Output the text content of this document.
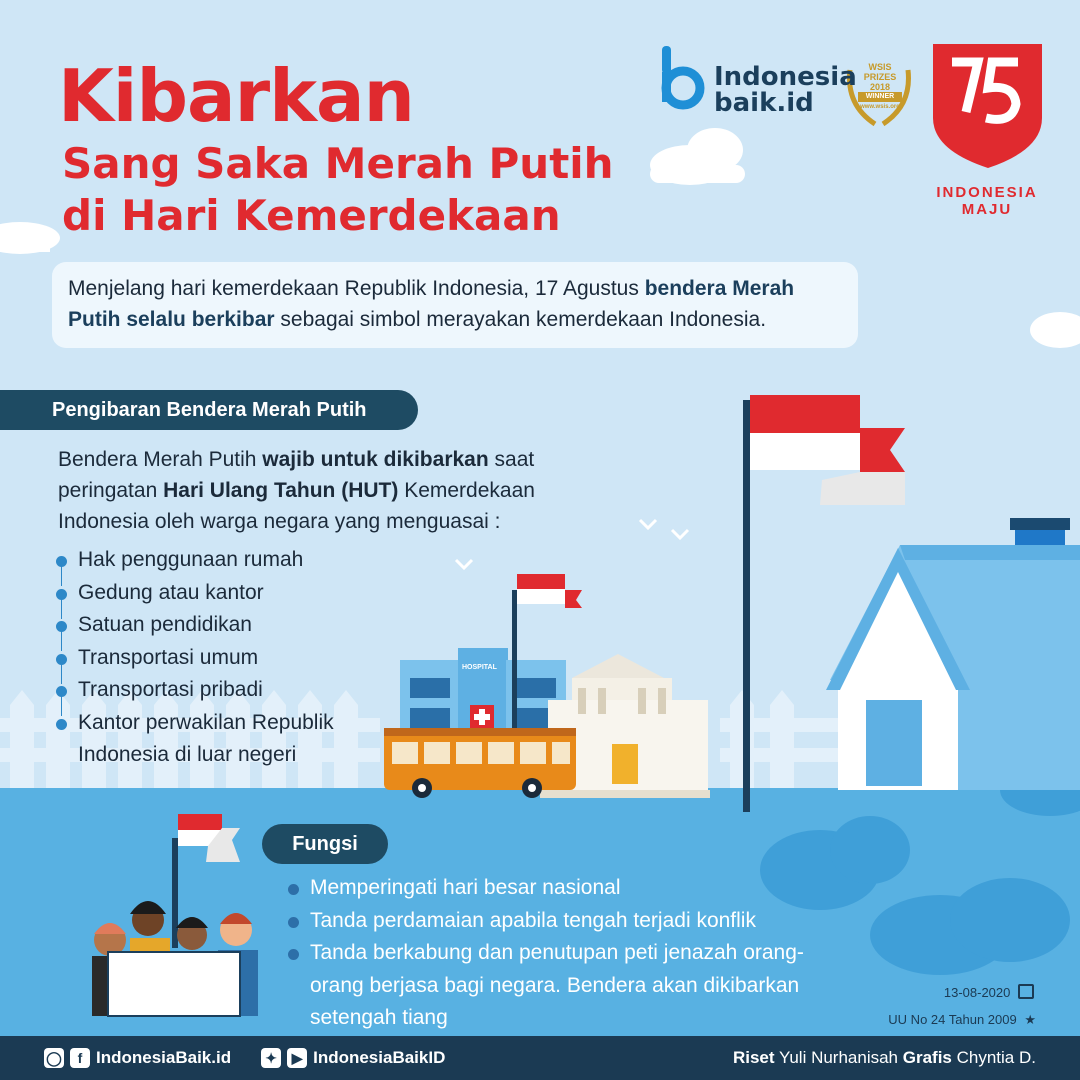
Kibarkan
Sang Saka Merah Putih
di Hari Kemerdekaan
Indonesia
baik.id
WSIS
PRIZES
2018
WINNER
www.wsis.org
INDONESIA
MAJU
Menjelang hari kemerdekaan Republik Indonesia, 17 Agustus bendera Merah Putih selalu berkibar sebagai simbol merayakan kemerdekaan Indonesia.
Pengibaran Bendera Merah Putih
Bendera Merah Putih wajib untuk dikibarkan saat peringatan Hari Ulang Tahun (HUT) Kemerdekaan Indonesia oleh warga negara yang menguasai :
Hak penggunaan rumah
Gedung atau kantor
Satuan pendidikan
Transportasi umum
Transportasi pribadi
Kantor perwakilan Republik Indonesia di luar negeri
HOSPITAL
Fungsi
Memperingati hari besar nasional
Tanda perdamaian apabila tengah terjadi konflik
Tanda berkabung dan penutupan peti jenazah orang-orang berjasa bagi negara. Bendera akan dikibarkan setengah tiang
13-08-2020
UU No 24 Tahun 2009 ★
◯	f IndonesiaBaik.id ✦	▶ IndonesiaBaikID	Riset Yuli Nurhanisah Grafis Chyntia D.
